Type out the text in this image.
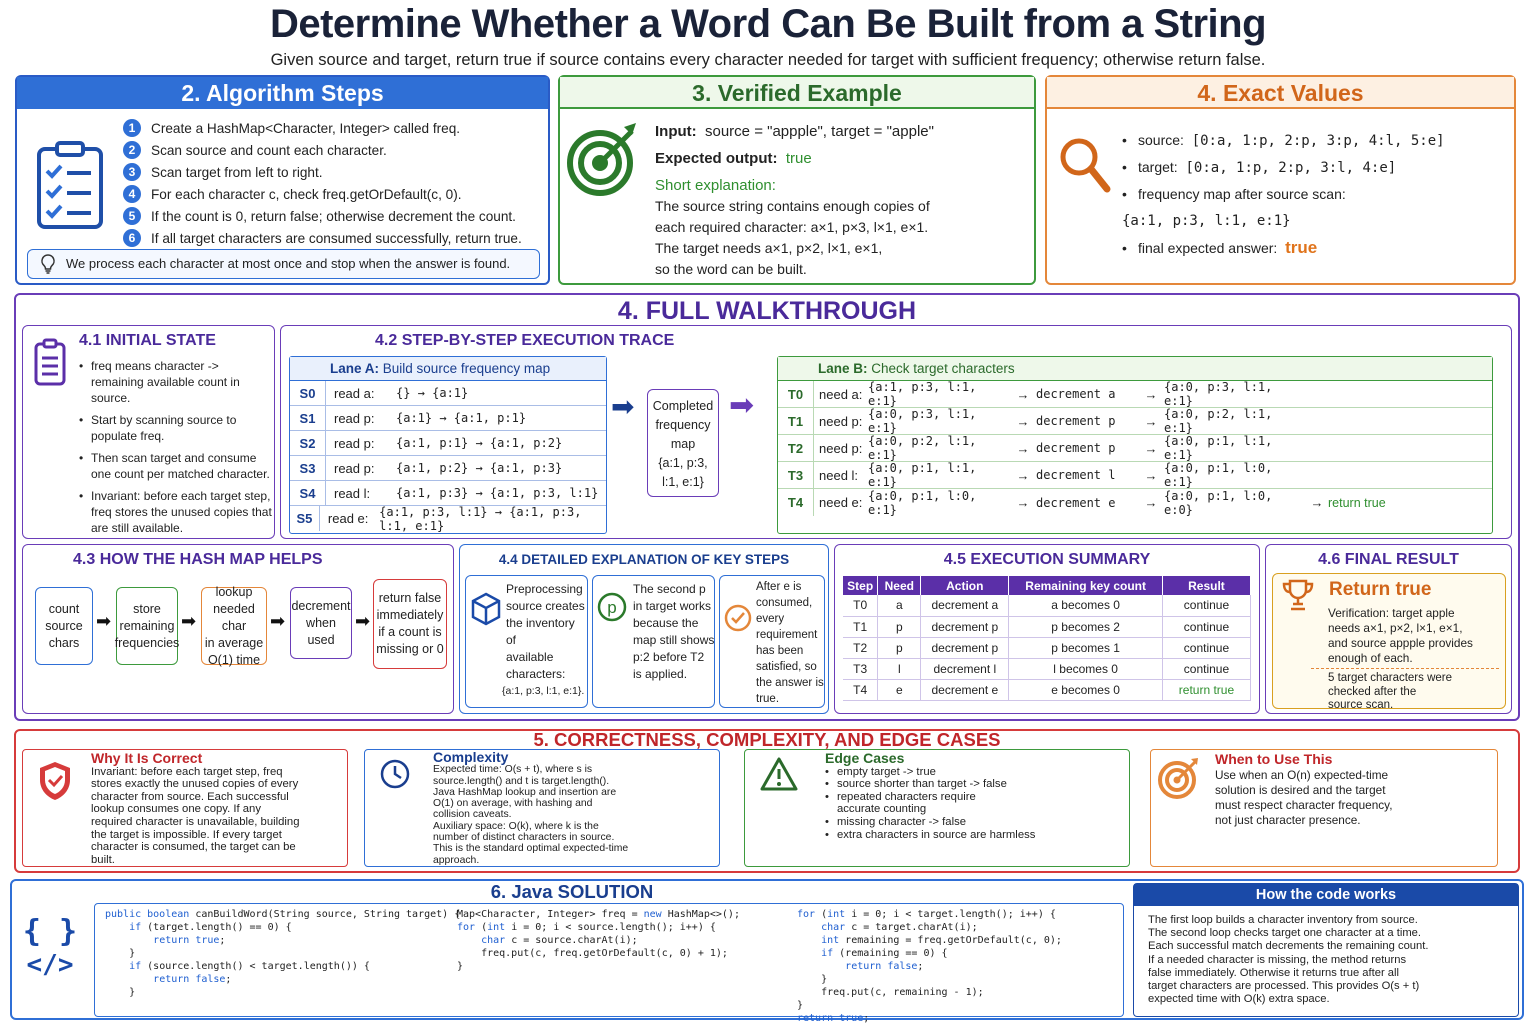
Determine Whether a Word Can Be Built from a String
Given source and target, return true if source contains every character needed for target with sufficient frequency; otherwise return false.
2. Algorithm Steps
1	Create a HashMap<Character, Integer> called freq.
2	Scan source and count each character.
3	Scan target from left to right.
4	For each character c, check freq.getOrDefault(c, 0).
5	If the count is 0, return false; otherwise decrement the count.
6	If all target characters are consumed successfully, return true.
We process each character at most once and stop when the answer is found.
3. Verified Example
Input: source = "appple", target = "apple"
Expected output: true
Short explanation:
The source string contains enough copies of
each required character: a×1, p×3, l×1, e×1.
The target needs a×1, p×2, l×1, e×1,
so the word can be built.
4. Exact Values
• source: [0:a, 1:p, 2:p, 3:p, 4:l, 5:e]
• target: [0:a, 1:p, 2:p, 3:l, 4:e]
• frequency map after source scan:
{a:1, p:3, l:1, e:1}
• final expected answer: true
4. FULL WALKTHROUGH
4.1 INITIAL STATE
• freq means character -> remaining available count in source.
• Start by scanning source to populate freq.
• Then scan target and consume one count per matched character.
• Invariant: before each target step, freq stores the unused copies that are still available.
4.2 STEP-BY-STEP EXECUTION TRACE
Lane A: Build source frequency map
S0	read a:	{} → {a:1}
S1	read p:	{a:1} → {a:1, p:1}
S2	read p:	{a:1, p:1} → {a:1, p:2}
S3	read p:	{a:1, p:2} → {a:1, p:3}
S4	read l:	{a:1, p:3} → {a:1, p:3, l:1}
S5	read e: {a:1, p:3, l:1} → {a:1, p:3, l:1, e:1}
➡	Completed
frequency
map
{a:1, p:3,
l:1, e:1}
➡
Lane B: Check target characters
T0	need a: {a:1, p:3, l:1, e:1}	→ decrement a	→ {a:0, p:3, l:1, e:1}
T1	need p: {a:0, p:3, l:1, e:1}	→ decrement p	→ {a:0, p:2, l:1, e:1}
T2	need p: {a:0, p:2, l:1, e:1}	→ decrement p	→ {a:0, p:1, l:1, e:1}
T3	need l: {a:0, p:1, l:1, e:1}	→ decrement l	→ {a:0, p:1, l:0, e:1}
T4	need e: {a:0, p:1, l:0, e:1}	→ decrement e	→ {a:0, p:1, l:0, e:0}	→ return true
4.3 HOW THE HASH MAP HELPS
count
source
chars
➡
store
remaining
frequencies
➡
lookup
needed char
in average
O(1) time
➡
decrement
when used
➡
return false
immediately
if a count is
missing or 0
4.4 DETAILED EXPLANATION OF KEY STEPS
Preprocessing
source creates
the inventory of
available
characters:
{a:1, p:3, l:1, e:1}.
p
The second p
in target works
because the
map still shows
p:2 before T2
is applied.
After e is
consumed,
every
requirement
has been
satisfied, so
the answer is
true.
4.5 EXECUTION SUMMARY
Step	Need	Action	Remaining key count	Result
T0	a	decrement a	a becomes 0	continue
T1	p	decrement p	p becomes 2	continue
T2	p	decrement p	p becomes 1	continue
T3	l	decrement l	l becomes 0	continue
T4	e	decrement e	e becomes 0	return true
4.6 FINAL RESULT
Return true
Verification: target apple
needs a×1, p×2, l×1, e×1,
and source appple provides
enough of each.
5 target characters were
checked after the
source scan.
5. CORRECTNESS, COMPLEXITY, AND EDGE CASES
Why It Is Correct
Invariant: before each target step, freq
stores exactly the unused copies of every
character from source. Each successful
lookup consumes one copy. If any
required character is unavailable, building
the target is impossible. If every target
character is consumed, the target can be
built.
Complexity
Expected time: O(s + t), where s is
source.length() and t is target.length().
Java HashMap lookup and insertion are
O(1) on average, with hashing and
collision caveats.
Auxiliary space: O(k), where k is the
number of distinct characters in source.
This is the standard optimal expected-time
approach.
Edge Cases
• empty target -> true
• source shorter than target -> false
• repeated characters require accurate counting
• missing character -> false
• extra characters in source are harmless
When to Use This
Use when an O(n) expected-time
solution is desired and the target
must respect character frequency,
not just character presence.
6. Java SOLUTION
{ }
</>
public boolean canBuildWord(String source, String target) {
if (target.length() == 0) {
return true;
}
if (source.length() < target.length()) {
return false;
}
Map<Character, Integer> freq = new HashMap<>();
for (int i = 0; i < source.length(); i++) {
char c = source.charAt(i);
freq.put(c, freq.getOrDefault(c, 0) + 1);
}
for (int i = 0; i < target.length(); i++) {
char c = target.charAt(i);
int remaining = freq.getOrDefault(c, 0);
if (remaining == 0) {
return false;
}
freq.put(c, remaining - 1);
}
return true;
How the code works
The first loop builds a character inventory from source.
The second loop checks target one character at a time.
Each successful match decrements the remaining count.
If a needed character is missing, the method returns
false immediately. Otherwise it returns true after all
target characters are processed. This provides O(s + t)
expected time with O(k) extra space.
